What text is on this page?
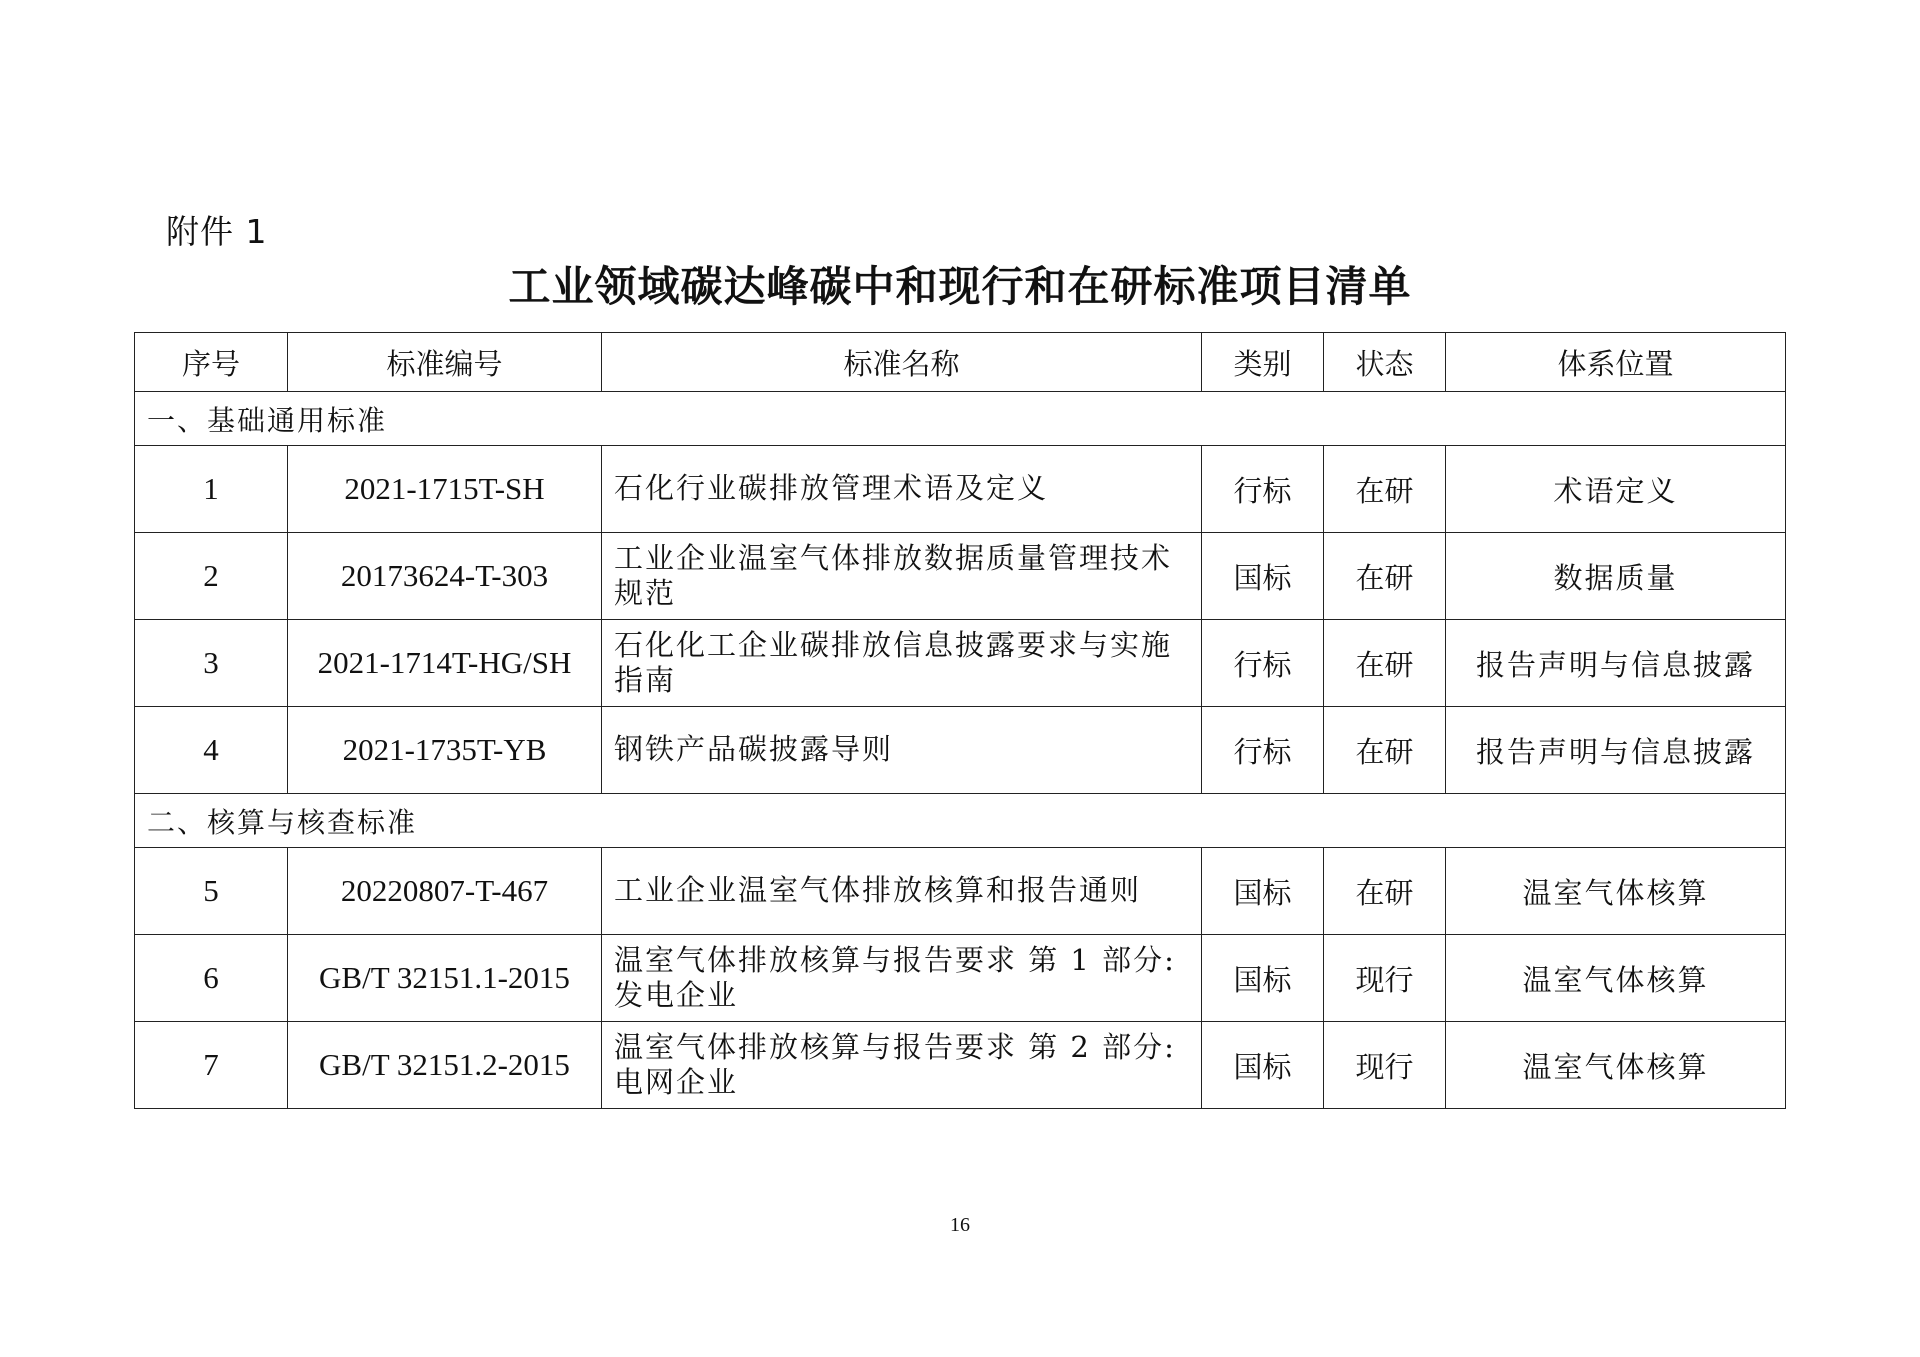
附件 1
工业领域碳达峰碳中和现行和在研标准项目清单
序号	标准编号	标准名称	类别	状态	体系位置
一、基础通用标准					
1	2021-1715T-SH	石化行业碳排放管理术语及定义	行标	在研	术语定义
2	20173624-T-303	工业企业温室气体排放数据质量管理技术规范	国标	在研	数据质量
3	2021-1714T-HG/SH	石化化工企业碳排放信息披露要求与实施指南	行标	在研	报告声明与信息披露
4	2021-1735T-YB	钢铁产品碳披露导则	行标	在研	报告声明与信息披露
二、核算与核查标准					
5	20220807-T-467	工业企业温室气体排放核算和报告通则	国标	在研	温室气体核算
6	GB/T 32151.1-2015	温室气体排放核算与报告要求 第 1 部分: 发电企业	国标	现行	温室气体核算
7	GB/T 32151.2-2015	温室气体排放核算与报告要求 第 2 部分: 电网企业	国标	现行	温室气体核算
16
